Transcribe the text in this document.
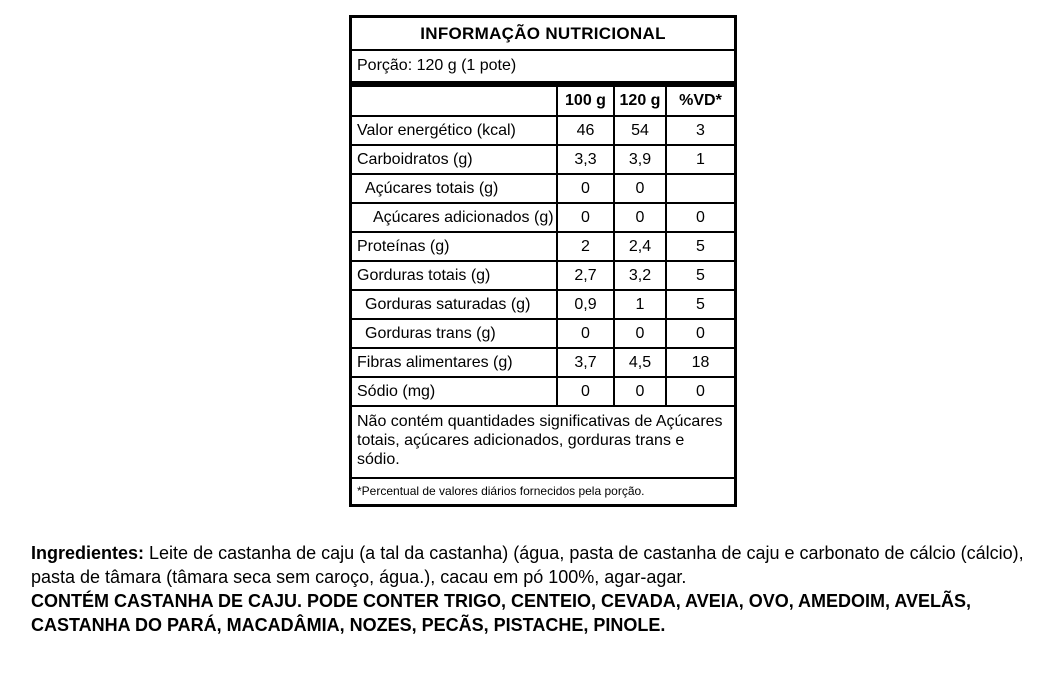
INFORMAÇÃO NUTRICIONAL
Porção: 120 g (1 pote)
	100 g	120 g	%VD*
Valor energético (kcal)	46	54	3
Carboidratos (g)	3,3	3,9	1
Açúcares totais (g)	0	0	
Açúcares adicionados (g)	0	0	0
Proteínas (g)	2	2,4	5
Gorduras totais (g)	2,7	3,2	5
Gorduras saturadas (g)	0,9	1	5
Gorduras trans (g)	0	0	0
Fibras alimentares (g)	3,7	4,5	18
Sódio (mg)	0	0	0
Não contém quantidades significativas de Açúcares totais, açúcares adicionados, gorduras trans e sódio.
*Percentual de valores diários fornecidos pela porção.

Ingredientes: Leite de castanha de caju (a tal da castanha) (água, pasta de castanha de caju e carbonato de cálcio (cálcio), pasta de tâmara (tâmara seca sem caroço, água.), cacau em pó 100%, agar-agar.

CONTÉM CASTANHA DE CAJU. PODE CONTER TRIGO, CENTEIO, CEVADA, AVEIA, OVO, AMEDOIM, AVELÃS, CASTANHA DO PARÁ, MACADÂMIA, NOZES, PECÃS, PISTACHE, PINOLE.
